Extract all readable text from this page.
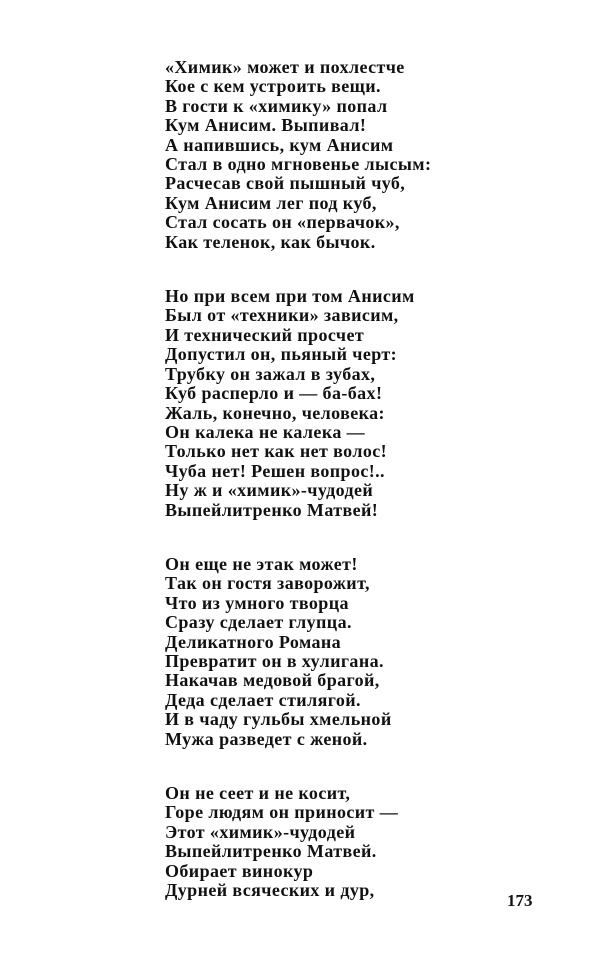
«Химик» может и похлестче
Кое с кем устроить вещи.
В гости к «химику» попал
Кум Анисим. Выпивал!
А напившись, кум Анисим
Стал в одно мгновенье лысым:
Расчесав свой пышный чуб,
Кум Анисим лег под куб,
Стал сосать он «первачок»,
Как теленок, как бычок.
Но при всем при том Анисим
Был от «техники» зависим,
И технический просчет
Допустил он, пьяный черт:
Трубку он зажал в зубах,
Куб расперло и — ба-бах!
Жаль, конечно, человека:
Он калека не калека —
Только нет как нет волос!
Чуба нет! Решен вопрос!..
Ну ж и «химик»-чудодей
Выпейлитренко Матвей!
Он еще не этак может!
Так он гостя заворожит,
Что из умного творца
Сразу сделает глупца.
Деликатного Романа
Превратит он в хулигана.
Накачав медовой брагой,
Деда сделает стилягой.
И в чаду гульбы хмельной
Мужа разведет с женой.
Он не сеет и не косит,
Горе людям он приносит —
Этот «химик»-чудодей
Выпейлитренко Матвей.
Обирает винокур
Дурней всяческих и дур,
173
